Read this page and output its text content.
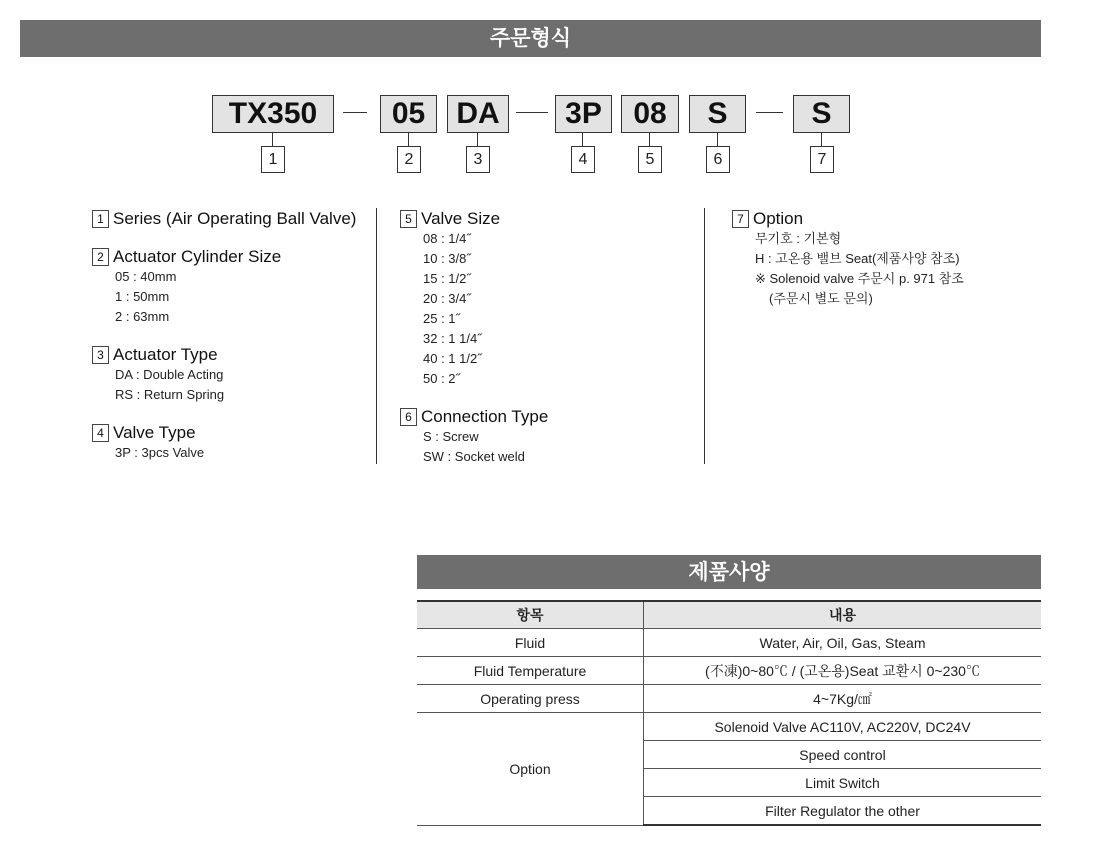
주문형식
TX350	05	DA	3P	08	S	S
1	2	3	4	5	6	7
1 Series (Air Operating Ball Valve)
2 Actuator Cylinder Size
05 : 40mm
1 : 50mm
2 : 63mm
3 Actuator Type
DA : Double Acting
RS : Return Spring
4 Valve Type
3P : 3pcs Valve
5 Valve Size
08 : 1/4˝
10 : 3/8˝
15 : 1/2˝
20 : 3/4˝
25 : 1˝
32 : 1 1/4˝
40 : 1 1/2˝
50 : 2˝
6 Connection Type
S : Screw
SW : Socket weld
7 Option
무기호 : 기본형
H : 고온용 밸브 Seat(제품사양 참조)
※ Solenoid valve 주문시 p. 971 참조
(주문시 별도 문의)
제품사양
항목	내용
Fluid	Water, Air, Oil, Gas, Steam
Fluid Temperature	(不凍)0~80℃ / (고온용)Seat 교환시 0~230℃
Operating press	4~7Kg/㎠
Option	Solenoid Valve AC110V, AC220V, DC24V
	Speed control
	Limit Switch
	Filter Regulator the other
